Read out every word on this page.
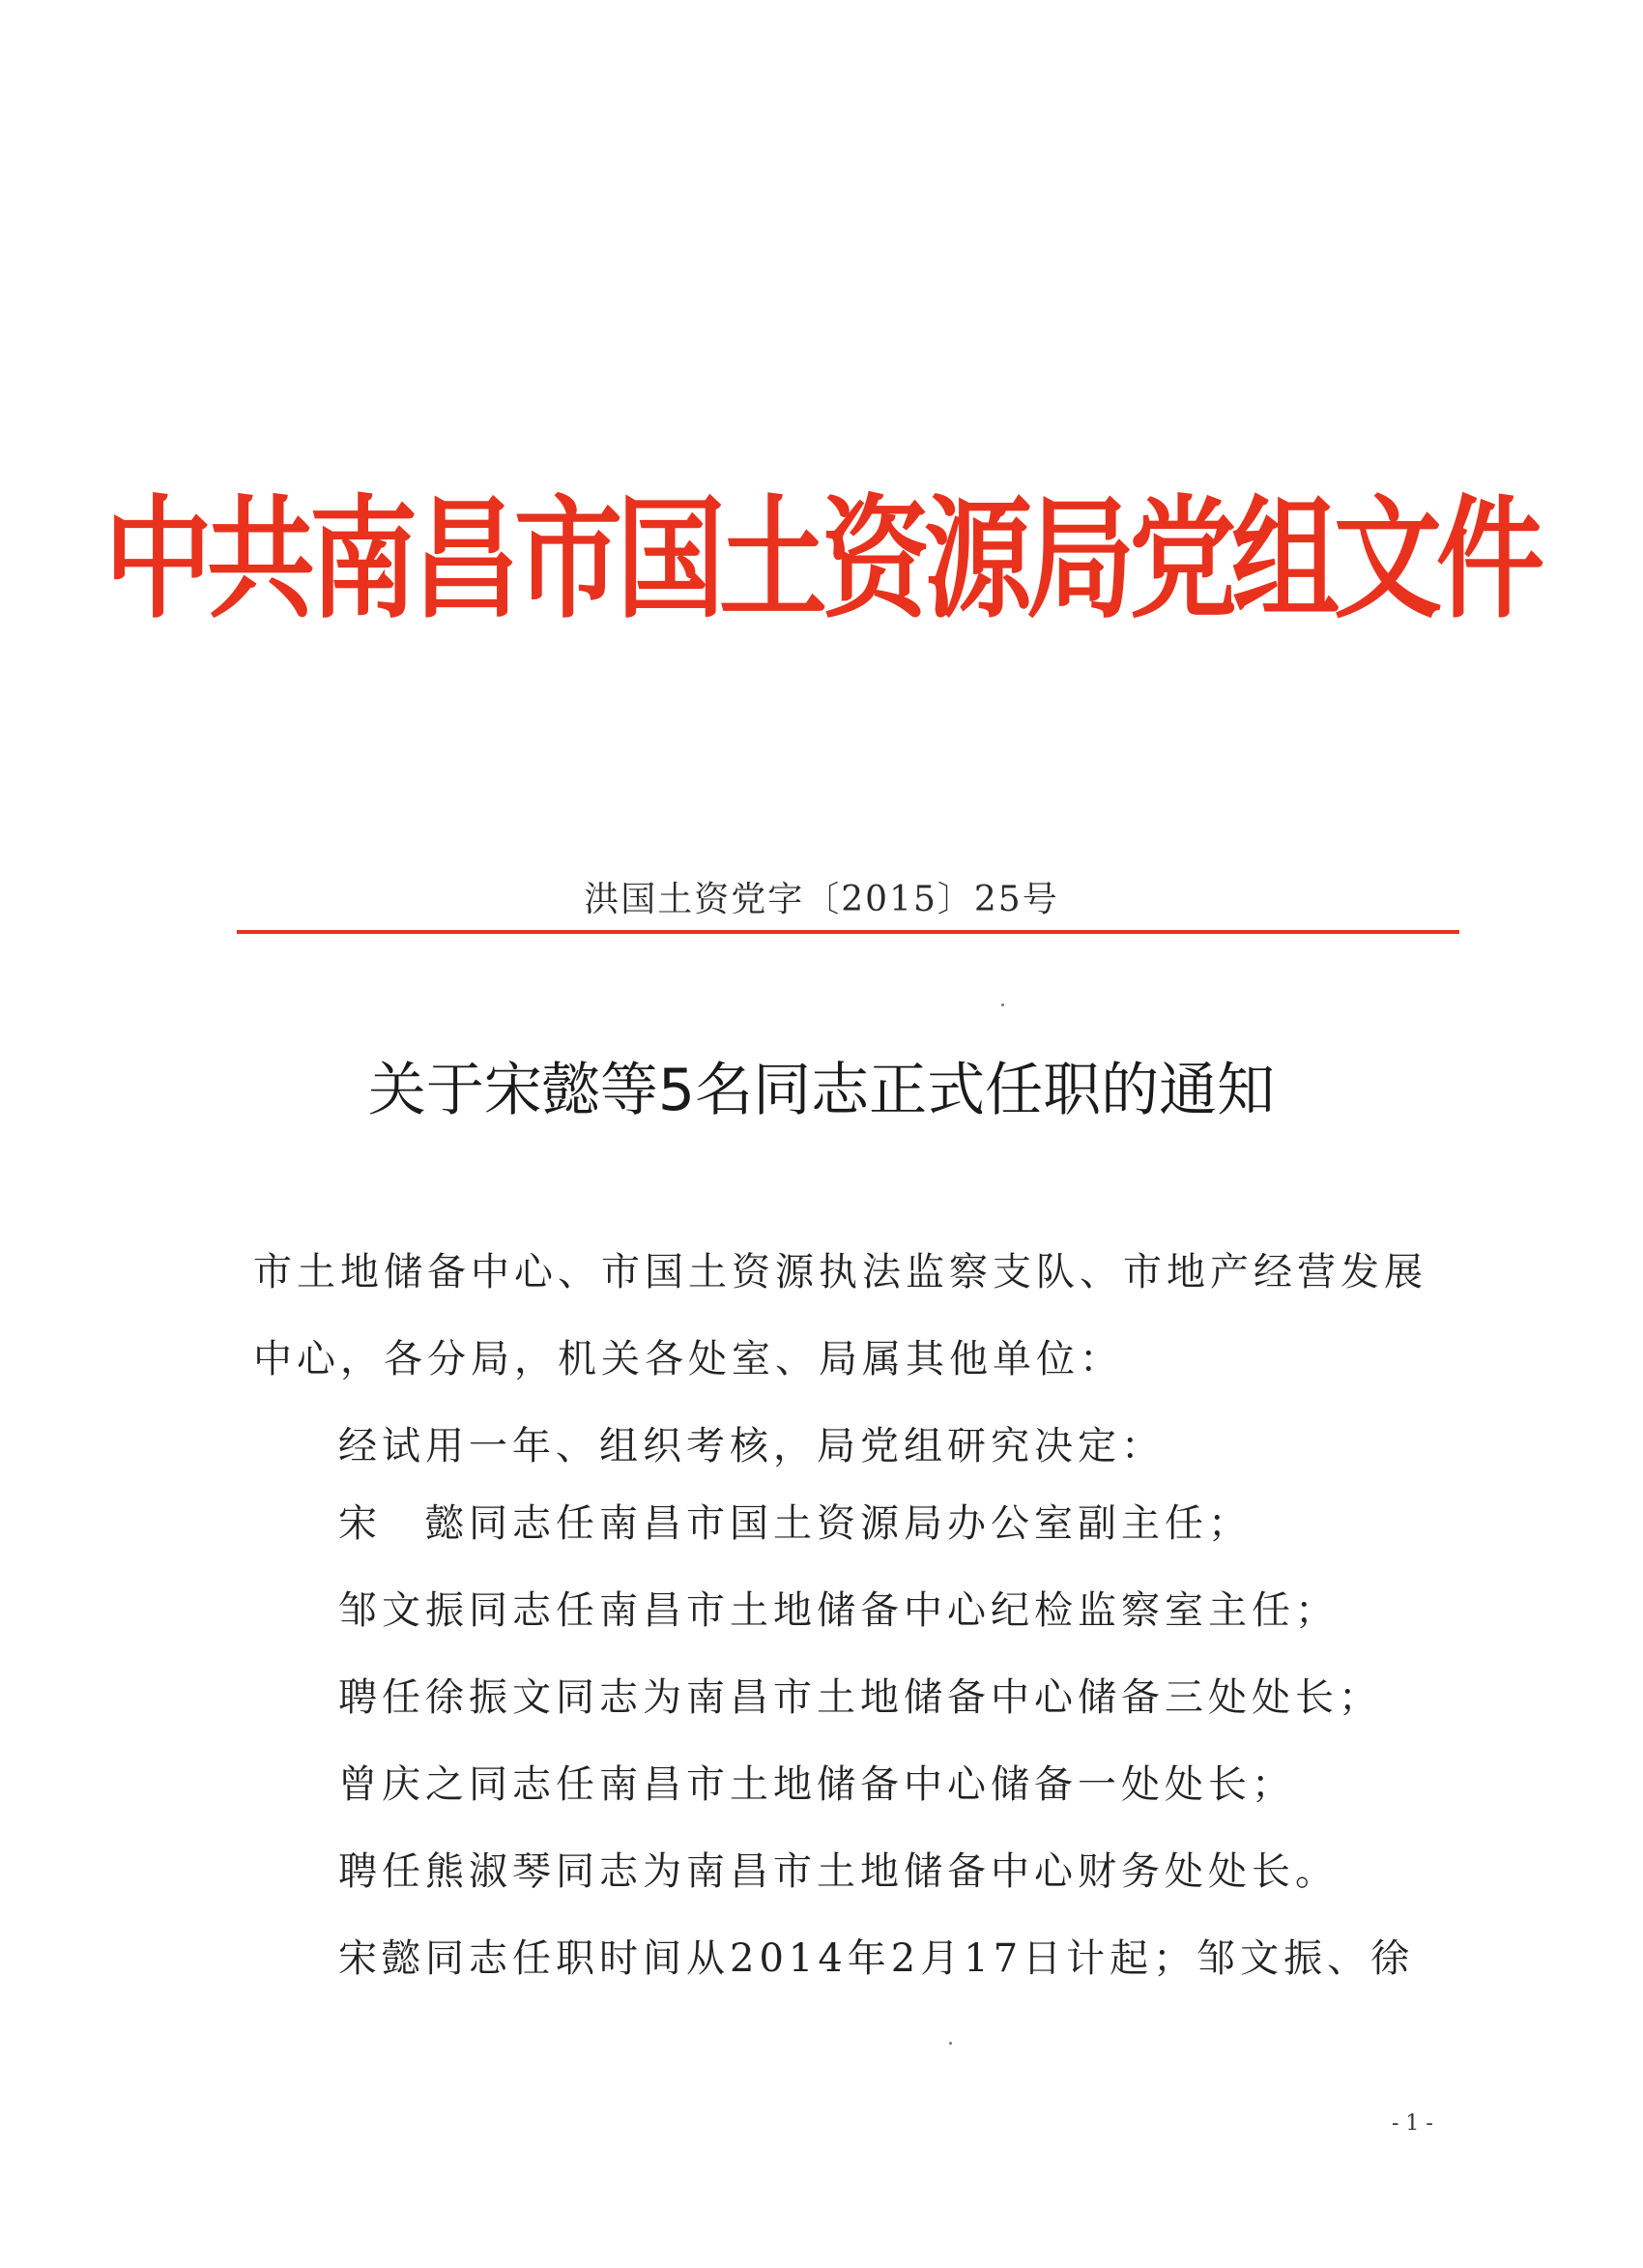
中共南昌市国土资源局党组文件
洪国土资党字〔2015〕25号
关于宋懿等5名同志正式任职的通知
市土地储备中心、市国土资源执法监察支队、市地产经营发展
中心，各分局，机关各处室、局属其他单位：
经试用一年、组织考核，局党组研究决定：
宋　懿同志任南昌市国土资源局办公室副主任；
邹文振同志任南昌市土地储备中心纪检监察室主任；
聘任徐振文同志为南昌市土地储备中心储备三处处长；
曾庆之同志任南昌市土地储备中心储备一处处长；
聘任熊淑琴同志为南昌市土地储备中心财务处处长。
宋懿同志任职时间从2014年2月17日计起；邹文振、徐
- 1 -
